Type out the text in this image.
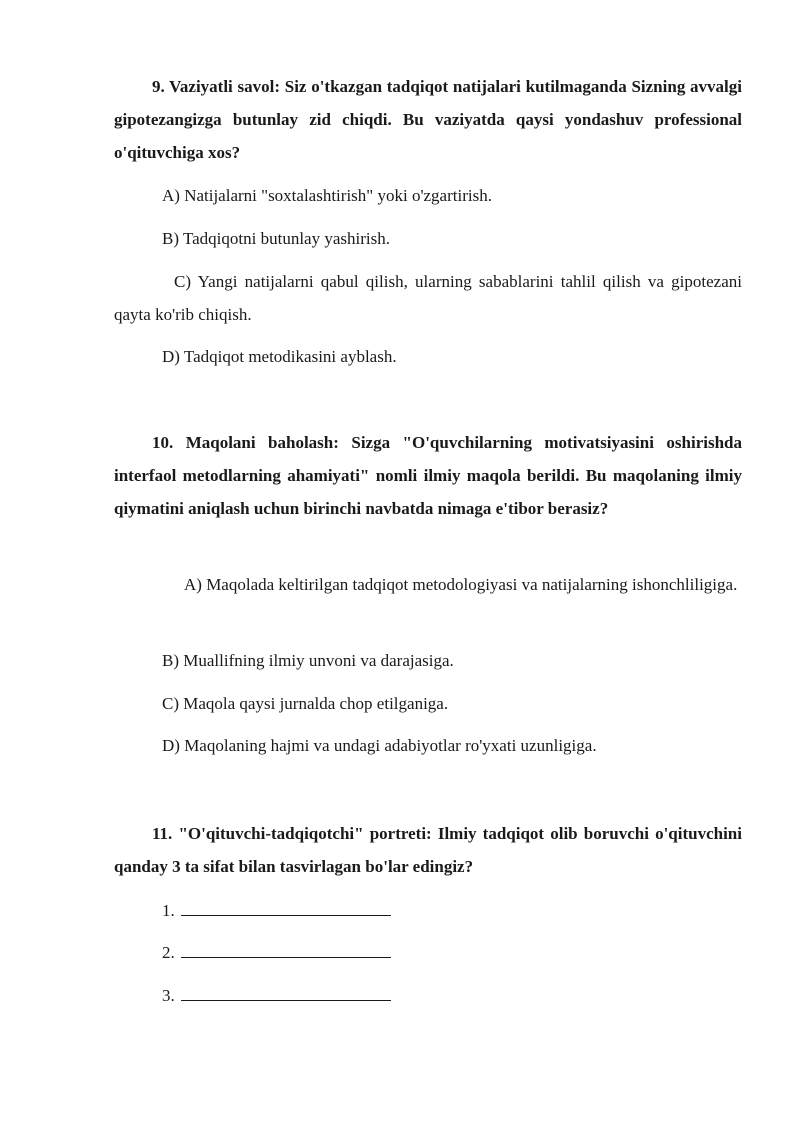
9. Vaziyatli savol: Siz o'tkazgan tadqiqot natijalari kutilmaganda Sizning avvalgi gipotezangizga butunlay zid chiqdi. Bu vaziyatda qaysi yondashuv professional o'qituvchiga xos?

A) Natijalarni "soxtalashtirish" yoki o'zgartirish.

B) Tadqiqotni butunlay yashirish.

C) Yangi natijalarni qabul qilish, ularning sabablarini tahlil qilish va gipotezani qayta ko'rib chiqish.

D) Tadqiqot metodikasini ayblash.

10. Maqolani baholash: Sizga "O'quvchilarning motivatsiyasini oshirishda interfaol metodlarning ahamiyati" nomli ilmiy maqola berildi. Bu maqolaning ilmiy qiymatini aniqlash uchun birinchi navbatda nimaga e'tibor berasiz?

A) Maqolada keltirilgan tadqiqot metodologiyasi va natijalarning ishonchliligiga.

B) Muallifning ilmiy unvoni va darajasiga.

C) Maqola qaysi jurnalda chop etilganiga.

D) Maqolaning hajmi va undagi adabiyotlar ro'yxati uzunligiga.

11. "O'qituvchi-tadqiqotchi" portreti: Ilmiy tadqiqot olib boruvchi o'qituvchini qanday 3 ta sifat bilan tasvirlagan bo'lar edingiz?

1.

2.

3.
